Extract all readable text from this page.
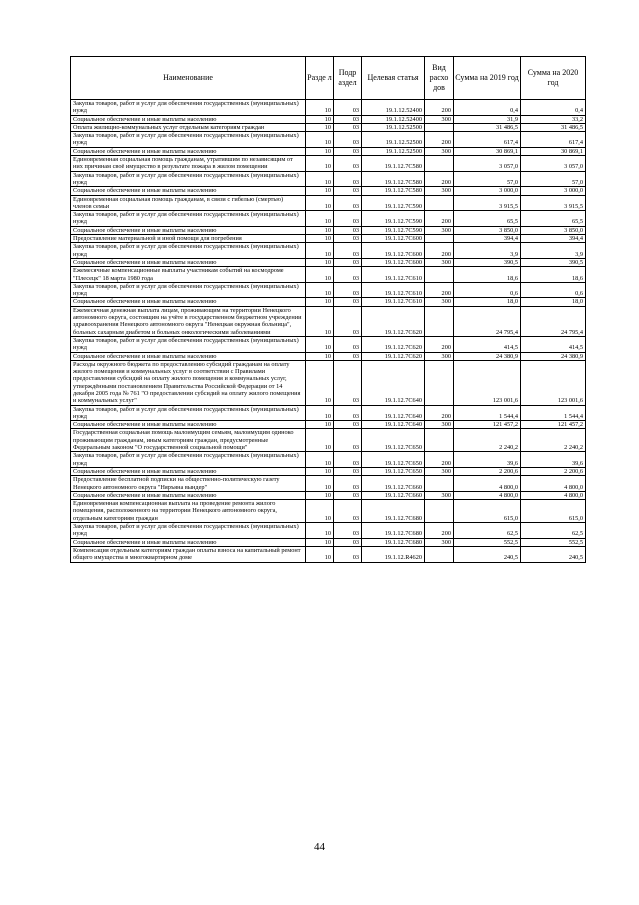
Наименование	Разде л	Подр аздел	Целевая статья	Вид расхо дов	Сумма на 2019 год	Сумма на 2020 год
Закупка товаров, работ и услуг для обеспечения государственных (муниципальных) нужд	10	03	19.1.12.52400	200	0,4	0,4
Социальное обеспечение и иные выплаты населению	10	03	19.1.12.52400	300	31,9	33,2
Оплата жилищно-коммунальных услуг отдельным категориям граждан	10	03	19.1.12.52500		31 486,5	31 486,5
Закупка товаров, работ и услуг для обеспечения государственных (муниципальных) нужд	10	03	19.1.12.52500	200	617,4	617,4
Социальное обеспечение и иные выплаты населению	10	03	19.1.12.52500	300	30 869,1	30 869,1
Единовременная социальная помощь гражданам, утратившим по независящим от них причинам своё имущество в результате пожара в жилом помещении	10	03	19.1.12.7С580		3 057,0	3 057,0
Закупка товаров, работ и услуг для обеспечения государственных (муниципальных) нужд	10	03	19.1.12.7С580	200	57,0	57,0
Социальное обеспечение и иные выплаты населению	10	03	19.1.12.7С580	300	3 000,0	3 000,0
Единовременная социальная помощь гражданам, в связи с гибелью (смертью) членов семьи	10	03	19.1.12.7С590		3 915,5	3 915,5
Закупка товаров, работ и услуг для обеспечения государственных (муниципальных) нужд	10	03	19.1.12.7С590	200	65,5	65,5
Социальное обеспечение и иные выплаты населению	10	03	19.1.12.7С590	300	3 850,0	3 850,0
Предоставление материальной и иной помощи для погребения	10	03	19.1.12.7С600		394,4	394,4
Закупка товаров, работ и услуг для обеспечения государственных (муниципальных) нужд	10	03	19.1.12.7С600	200	3,9	3,9
Социальное обеспечение и иные выплаты населению	10	03	19.1.12.7С600	300	390,5	390,5
Ежемесячные компенсационные выплаты участникам событий на космодроме "Плесецк" 18 марта 1980 года	10	03	19.1.12.7С610		18,6	18,6
Закупка товаров, работ и услуг для обеспечения государственных (муниципальных) нужд	10	03	19.1.12.7С610	200	0,6	0,6
Социальное обеспечение и иные выплаты населению	10	03	19.1.12.7С610	300	18,0	18,0
Ежемесячная денежная выплата лицам, проживающим на территории Ненецкого автономного округа, состоящим на учёте в государственном бюджетном учреждении здравоохранения Ненецкого автономного округа "Ненецкая окружная больница", больных сахарным диабетом и больных онкологическими заболеваниями	10	03	19.1.12.7С620		24 795,4	24 795,4
Закупка товаров, работ и услуг для обеспечения государственных (муниципальных) нужд	10	03	19.1.12.7С620	200	414,5	414,5
Социальное обеспечение и иные выплаты населению	10	03	19.1.12.7С620	300	24 380,9	24 380,9
Расходы окружного бюджета по предоставлению субсидий гражданам на оплату жилого помещения и коммунальных услуг в соответствии с Правилами предоставления субсидий на оплату жилого помещения и коммунальных услуг, утверждёнными постановлением Правительства Российской Федерации от 14 декабря 2005 года № 761 "О предоставлении субсидий на оплату жилого помещения и коммунальных услуг"	10	03	19.1.12.7С640		123 001,6	123 001,6
Закупка товаров, работ и услуг для обеспечения государственных (муниципальных) нужд	10	03	19.1.12.7С640	200	1 544,4	1 544,4
Социальное обеспечение и иные выплаты населению	10	03	19.1.12.7С640	300	121 457,2	121 457,2
Государственная социальная помощь малоимущим семьям, малоимущим одиноко проживающим гражданам, иным категориям граждан, предусмотренные Федеральным законом "О государственной социальной помощи"	10	03	19.1.12.7С650		2 240,2	2 240,2
Закупка товаров, работ и услуг для обеспечения государственных (муниципальных) нужд	10	03	19.1.12.7С650	200	39,6	39,6
Социальное обеспечение и иные выплаты населению	10	03	19.1.12.7С650	300	2 200,6	2 200,6
Предоставление бесплатной подписки на общественно-политическую газету Ненецкого автономного округа "Няръяна вындер"	10	03	19.1.12.7С660		4 800,0	4 800,0
Социальное обеспечение и иные выплаты населению	10	03	19.1.12.7С660	300	4 800,0	4 800,0
Единовременная компенсационная выплата на проведение ремонта жилого помещения, расположенного на территории Ненецкого автономного округа, отдельным категориям граждан	10	03	19.1.12.7С680		615,0	615,0
Закупка товаров, работ и услуг для обеспечения государственных (муниципальных) нужд	10	03	19.1.12.7С680	200	62,5	62,5
Социальное обеспечение и иные выплаты населению	10	03	19.1.12.7С680	300	552,5	552,5
Компенсация отдельным категориям граждан оплаты взноса на капитальный ремонт общего имущества в многоквартирном доме	10	03	19.1.12.R4620		240,5	240,5
44
